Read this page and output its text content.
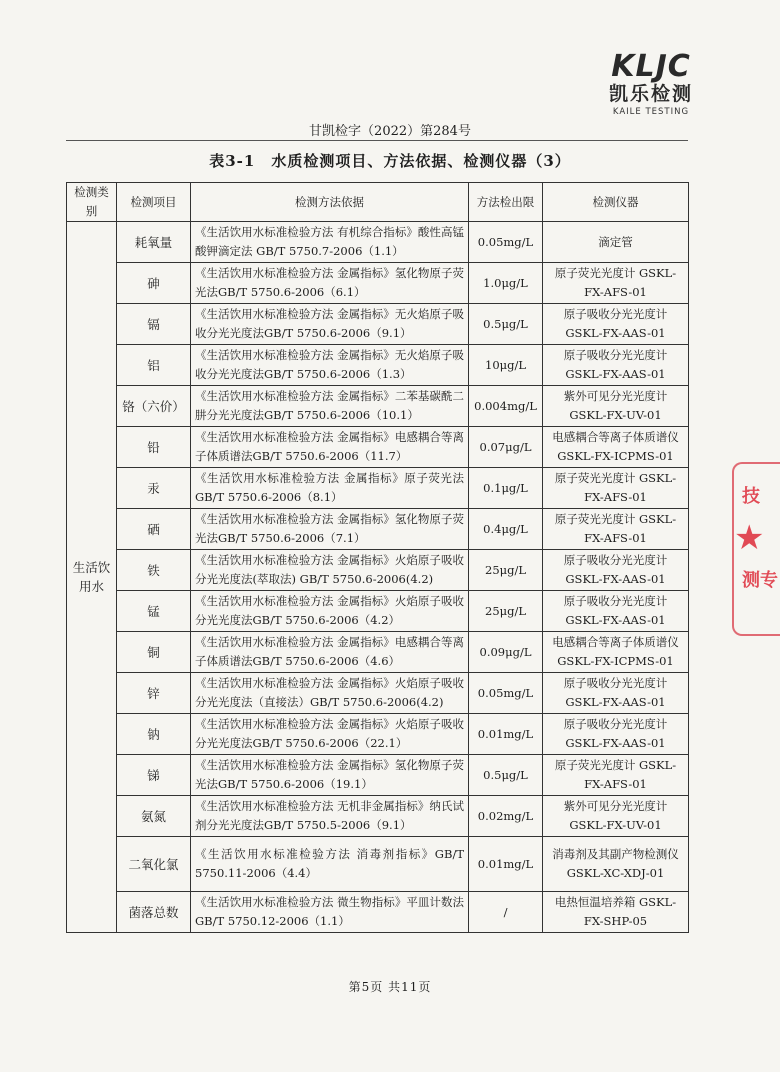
KLJC
凯乐检测
KAILE TESTING
甘凯检字（2022）第284号
表3-1　水质检测项目、方法依据、检测仪器（3）
检测类别	检测项目	检测方法依据	方法检出限	检测仪器
生活饮用水	耗氧量	《生活饮用水标准检验方法 有机综合指标》酸性高锰酸钾滴定法 GB/T 5750.7-2006（1.1）	0.05mg/L	滴定管
	砷	《生活饮用水标准检验方法 金属指标》氢化物原子荧光法GB/T 5750.6-2006（6.1）	1.0μg/L	原子荧光光度计 GSKL-FX-AFS-01
	镉	《生活饮用水标准检验方法 金属指标》无火焰原子吸收分光光度法GB/T 5750.6-2006（9.1）	0.5μg/L	原子吸收分光光度计 GSKL-FX-AAS-01
	铝	《生活饮用水标准检验方法 金属指标》无火焰原子吸收分光光度法GB/T 5750.6-2006（1.3）	10μg/L	原子吸收分光光度计 GSKL-FX-AAS-01
	铬（六价）	《生活饮用水标准检验方法 金属指标》二苯基碳酰二肼分光光度法GB/T 5750.6-2006（10.1）	0.004mg/L	紫外可见分光光度计 GSKL-FX-UV-01
	铅	《生活饮用水标准检验方法 金属指标》电感耦合等离子体质谱法GB/T 5750.6-2006（11.7）	0.07μg/L	电感耦合等离子体质谱仪GSKL-FX-ICPMS-01
	汞	《生活饮用水标准检验方法 金属指标》原子荧光法GB/T 5750.6-2006（8.1）	0.1μg/L	原子荧光光度计 GSKL-FX-AFS-01
	硒	《生活饮用水标准检验方法 金属指标》氢化物原子荧光法GB/T 5750.6-2006（7.1）	0.4μg/L	原子荧光光度计 GSKL-FX-AFS-01
	铁	《生活饮用水标准检验方法 金属指标》火焰原子吸收分光光度法(萃取法) GB/T 5750.6-2006(4.2)	25μg/L	原子吸收分光光度计 GSKL-FX-AAS-01
	锰	《生活饮用水标准检验方法 金属指标》火焰原子吸收分光光度法GB/T 5750.6-2006（4.2）	25μg/L	原子吸收分光光度计 GSKL-FX-AAS-01
	铜	《生活饮用水标准检验方法 金属指标》电感耦合等离子体质谱法GB/T 5750.6-2006（4.6）	0.09μg/L	电感耦合等离子体质谱仪GSKL-FX-ICPMS-01
	锌	《生活饮用水标准检验方法 金属指标》火焰原子吸收分光光度法（直接法）GB/T 5750.6-2006(4.2)	0.05mg/L	原子吸收分光光度计 GSKL-FX-AAS-01
	钠	《生活饮用水标准检验方法 金属指标》火焰原子吸收分光光度法GB/T 5750.6-2006（22.1）	0.01mg/L	原子吸收分光光度计 GSKL-FX-AAS-01
	锑	《生活饮用水标准检验方法 金属指标》氢化物原子荧光法GB/T 5750.6-2006（19.1）	0.5μg/L	原子荧光光度计 GSKL-FX-AFS-01
	氨氮	《生活饮用水标准检验方法 无机非金属指标》纳氏试剂分光光度法GB/T 5750.5-2006（9.1）	0.02mg/L	紫外可见分光光度计 GSKL-FX-UV-01
	二氧化氯	《生活饮用水标准检验方法 消毒剂指标》GB/T 5750.11-2006（4.4）	0.01mg/L	消毒剂及其副产物检测仪 GSKL-XC-XDJ-01
	菌落总数	《生活饮用水标准检验方法 微生物指标》平皿计数法GB/T 5750.12-2006（1.1）	/	电热恒温培养箱 GSKL-FX-SHP-05
技
★
测专
第5页 共11页
